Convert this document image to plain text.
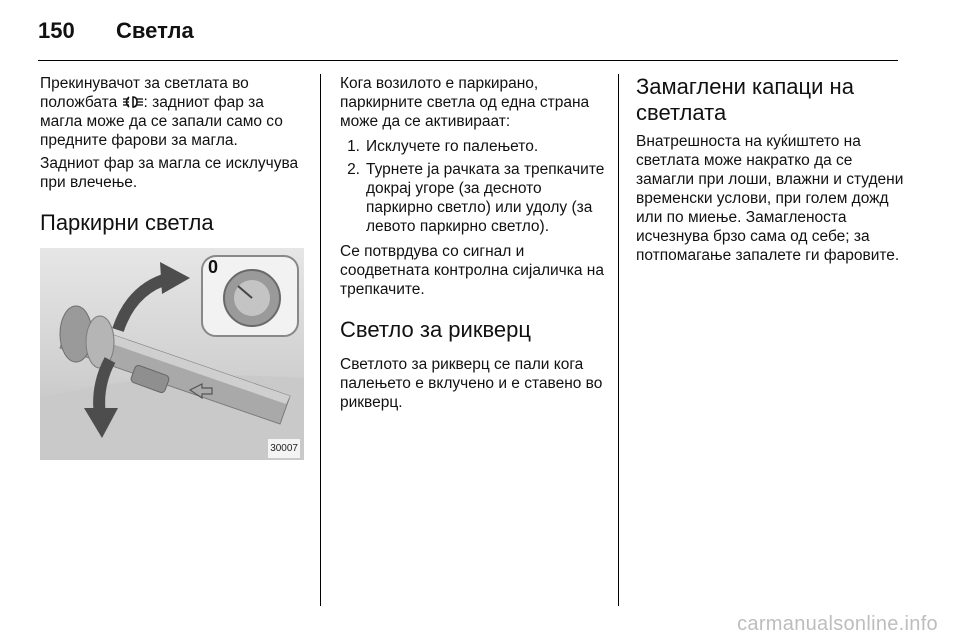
150	Светла

Прекинувачот за светлата во положбата : задниот фар за магла може да се запали само со предните фарови за магла.

Задниот фар за магла се исклучува при влечење.

Паркирни светла
0
30007

Кога возилото е паркирано, паркирните светла од една страна може да се активираат:

1. Исклучете го палењето.
2. Турнете ја рачката за трепкачите докрај угоре (за десното паркирно светло) или удолу (за левото паркирно светло).

Се потврдува со сигнал и соодветната контролна сијаличка на трепкачите.

Светло за рикверц

Светлото за рикверц се пали кога палењето е вклучено и е ставено во рикверц.

Замаглени капаци на светлата

Внатрешноста на куќиштето на светлата може накратко да се замагли при лоши, влажни и студени временски услови, при голем дожд или по миење. Замагленоста исчезнува брзо сама од себе; за потпомагање запалете ги фаровите.

carmanualsonline.info
